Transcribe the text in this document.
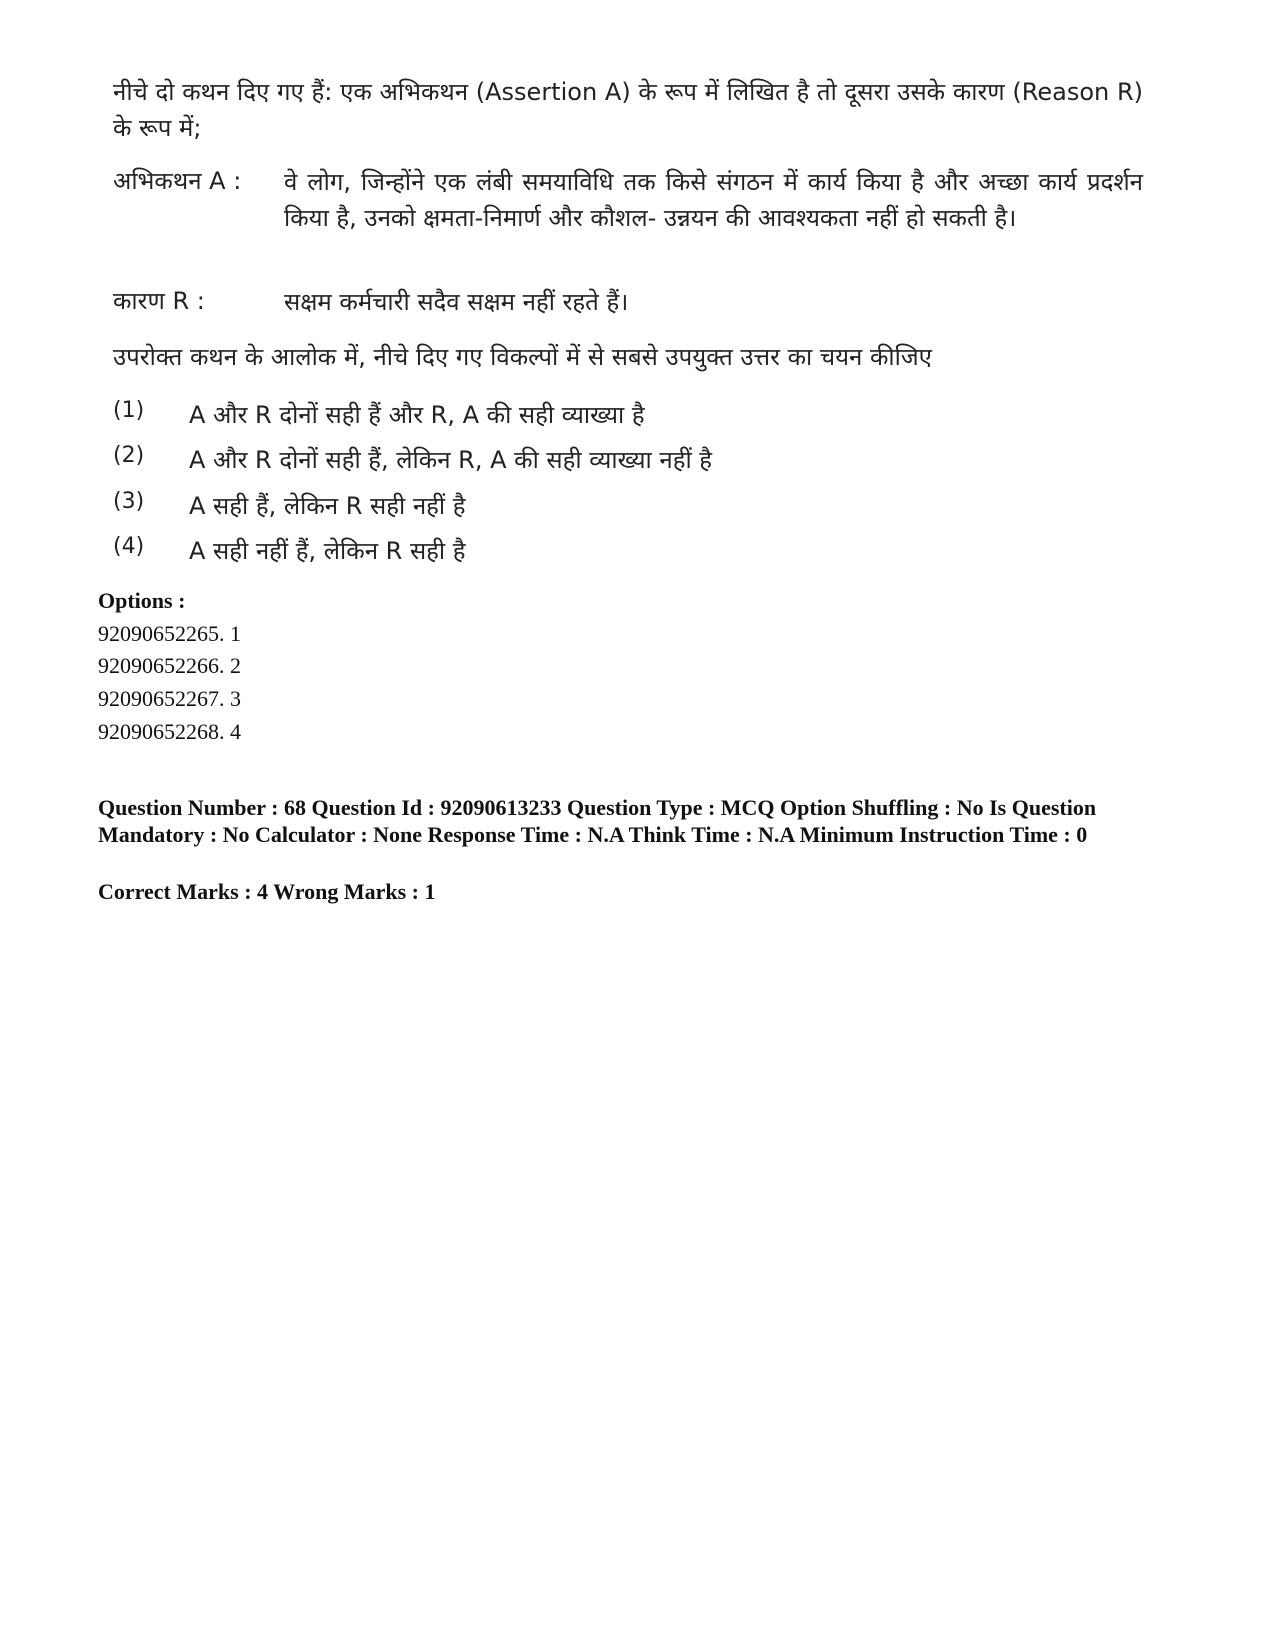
नीचे दो कथन दिए गए हैं: एक अभिकथन (Assertion A) के रूप में लिखित है तो दूसरा उसके कारण (Reason R) के रूप में;
अभिकथन A : वे लोग, जिन्होंने एक लंबी समयाविधि तक किसे संगठन में कार्य किया है और अच्छा कार्य प्रदर्शन किया है, उनको क्षमता-निमार्ण और कौशल- उन्नयन की आवश्यकता नहीं हो सकती है।
कारण R :	सक्षम कर्मचारी सदैव सक्षम नहीं रहते हैं।
उपरोक्त कथन के आलोक में, नीचे दिए गए विकल्पों में से सबसे उपयुक्त उत्तर का चयन कीजिए
(1) A और R दोनों सही हैं और R, A की सही व्याख्या है
(2) A और R दोनों सही हैं, लेकिन R, A की सही व्याख्या नहीं है
(3) A सही हैं, लेकिन R सही नहीं है
(4) A सही नहीं हैं, लेकिन R सही है
Options :
92090652265. 1
92090652266. 2
92090652267. 3
92090652268. 4
Question Number : 68 Question Id : 92090613233 Question Type : MCQ Option Shuffling : No Is Question Mandatory : No Calculator : None Response Time : N.A Think Time : N.A Minimum Instruction Time : 0
Correct Marks : 4 Wrong Marks : 1
